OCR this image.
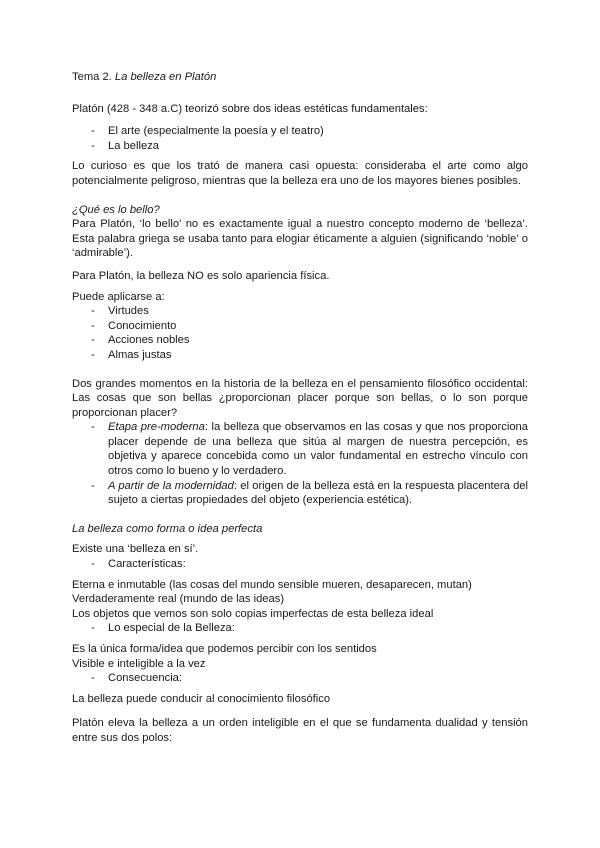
Tema 2. La belleza en Platón

Platón (428 - 348 a.C) teorizó sobre dos ideas estéticas fundamentales:

- El arte (especialmente la poesía y el teatro)
- La belleza

Lo curioso es que los trató de manera casi opuesta: consideraba el arte como algo potencialmente peligroso, mientras que la belleza era uno de los mayores bienes posibles.

¿Qué es lo bello?

Para Platón, ‘lo bello’ no es exactamente igual a nuestro concepto moderno de ‘belleza’. Esta palabra griega se usaba tanto para elogiar éticamente a alguien (significando ‘noble’ o ‘admirable’).

Para Platón, la belleza NO es solo apariencia física.

Puede aplicarse a:

- Virtudes
- Conocimiento
- Acciones nobles
- Almas justas

Dos grandes momentos en la historia de la belleza en el pensamiento filosófico occidental: Las cosas que son bellas ¿proporcionan placer porque son bellas, o lo son porque proporcionan placer?

- Etapa pre-moderna: la belleza que observamos en las cosas y que nos proporciona placer depende de una belleza que sitúa al margen de nuestra percepción, es objetiva y aparece concebida como un valor fundamental en estrecho vínculo con otros como lo bueno y lo verdadero.
- A partir de la modernidad: el origen de la belleza está en la respuesta placentera del sujeto a ciertas propiedades del objeto (experiencia estética).

La belleza como forma o idea perfecta

Existe una ‘belleza en sí’.

- Características:

Eterna e inmutable (las cosas del mundo sensible mueren, desaparecen, mutan)

Verdaderamente real (mundo de las ideas)

Los objetos que vemos son solo copias imperfectas de esta belleza ideal

- Lo especial de la Belleza:

Es la única forma/idea que podemos percibir con los sentidos

Visible e inteligible a la vez

- Consecuencia:

La belleza puede conducir al conocimiento filosófico

Platón eleva la belleza a un orden inteligible en el que se fundamenta dualidad y tensión entre sus dos polos:
